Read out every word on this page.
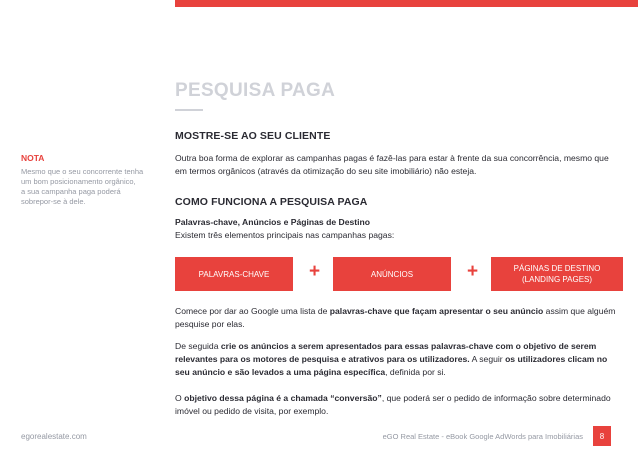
PESQUISA PAGA
NOTA
Mesmo que o seu concorrente tenha
um bom posicionamento orgânico,
a sua campanha paga poderá
sobrepor-se à dele.
MOSTRE-SE AO SEU CLIENTE
Outra boa forma de explorar as campanhas pagas é fazê-las para estar à frente da sua concorrência, mesmo que em termos orgânicos (através da otimização do seu site imobiliário) não esteja.
COMO FUNCIONA A PESQUISA PAGA
Palavras-chave, Anúncios e Páginas de Destino
Existem três elementos principais nas campanhas pagas:
PALAVRAS-CHAVE	+	ANÚNCIOS	+	PÁGINAS DE DESTINO
(LANDING PAGES)
Comece por dar ao Google uma lista de palavras-chave que façam apresentar o seu anúncio assim que alguém pesquise por elas.
De seguida crie os anúncios a serem apresentados para essas palavras-chave com o objetivo de serem relevantes para os motores de pesquisa e atrativos para os utilizadores. A seguir os utilizadores clicam no seu anúncio e são levados a uma página específica, definida por si.
O objetivo dessa página é a chamada “conversão”, que poderá ser o pedido de informação sobre determinado imóvel ou pedido de visita, por exemplo.
egorealestate.com	eGO Real Estate - eBook Google AdWords para Imobiliárias	8
